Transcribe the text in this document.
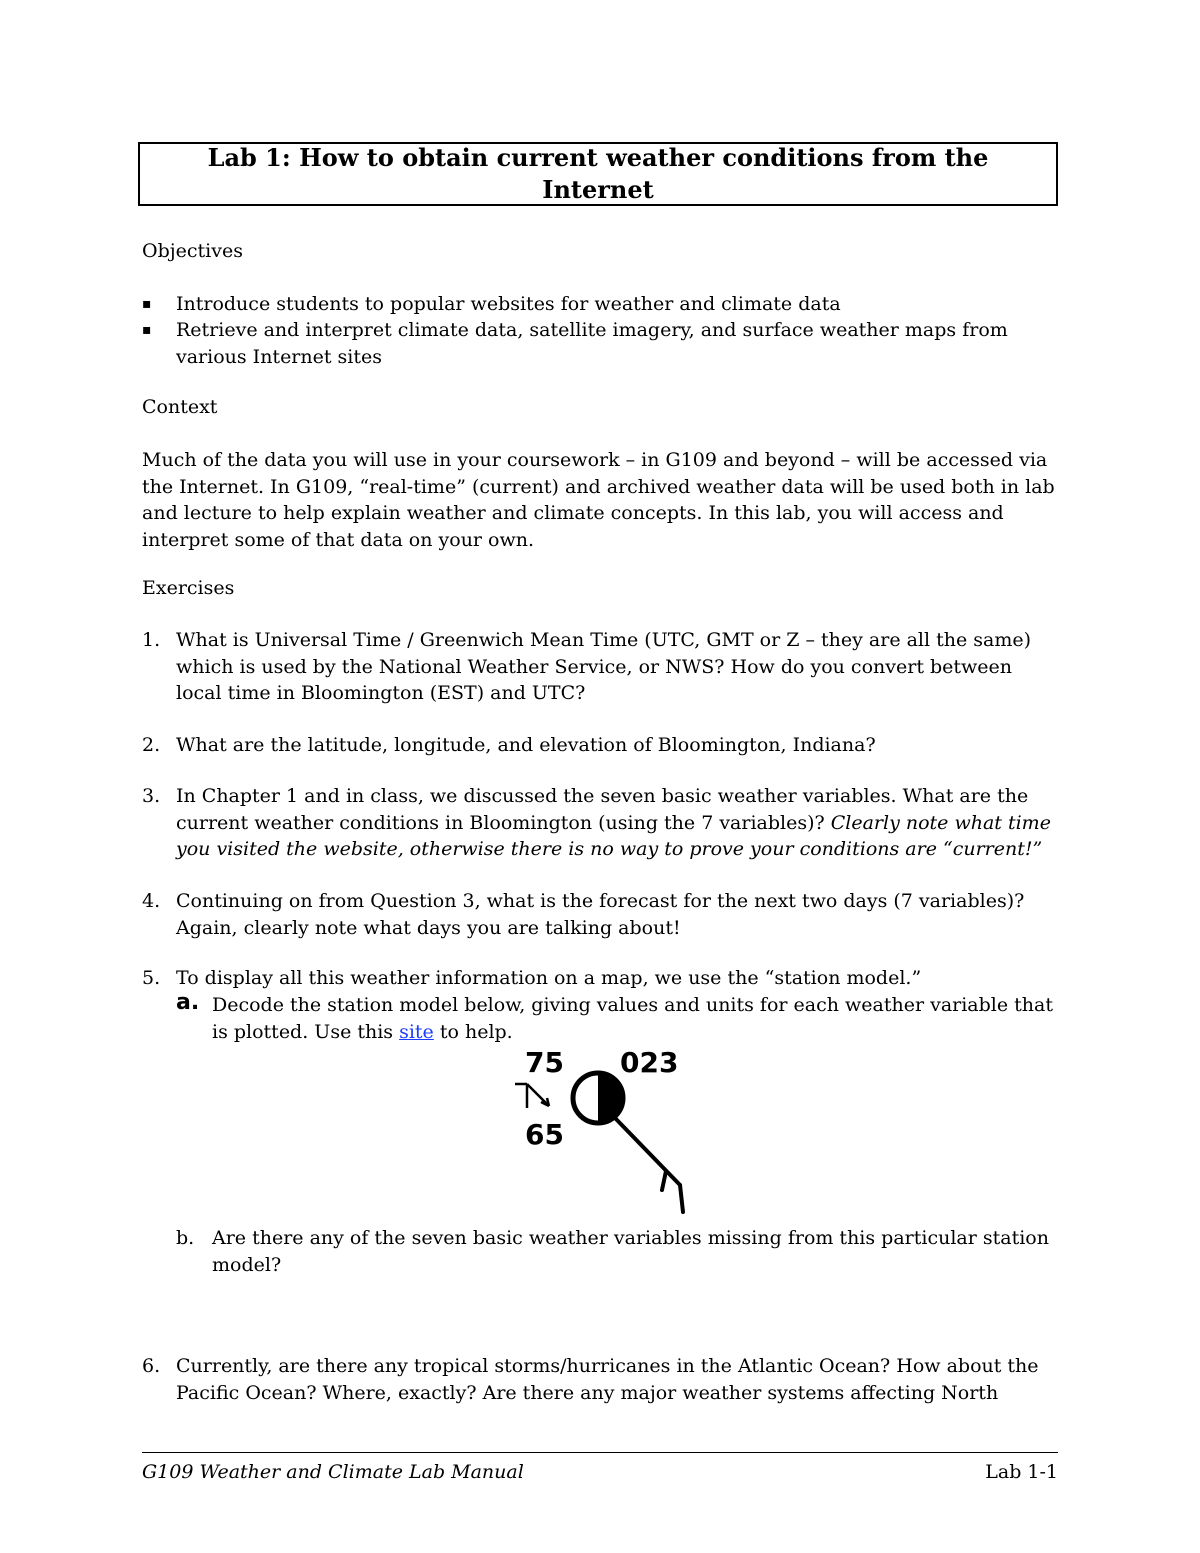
Lab 1: How to obtain current weather conditions from the Internet
Objectives
▪ Introduce students to popular websites for weather and climate data
▪ Retrieve and interpret climate data, satellite imagery, and surface weather maps from various Internet sites
Context
Much of the data you will use in your coursework – in G109 and beyond – will be accessed via the Internet. In G109, “real-time” (current) and archived weather data will be used both in lab and lecture to help explain weather and climate concepts. In this lab, you will access and interpret some of that data on your own.
Exercises
1. What is Universal Time / Greenwich Mean Time (UTC, GMT or Z – they are all the same) which is used by the National Weather Service, or NWS? How do you convert between local time in Bloomington (EST) and UTC?
2. What are the latitude, longitude, and elevation of Bloomington, Indiana?
3. In Chapter 1 and in class, we discussed the seven basic weather variables. What are the current weather conditions in Bloomington (using the 7 variables)? Clearly note what time you visited the website, otherwise there is no way to prove your conditions are “current!”
4. Continuing on from Question 3, what is the forecast for the next two days (7 variables)? Again, clearly note what days you are talking about!
5. To display all this weather information on a map, we use the “station model.”
a. Decode the station model below, giving values and units for each weather variable that is plotted. Use this site to help.
75 023
65
b. Are there any of the seven basic weather variables missing from this particular station model?
6. Currently, are there any tropical storms/hurricanes in the Atlantic Ocean? How about the Pacific Ocean? Where, exactly? Are there any major weather systems affecting North
G109 Weather and Climate Lab Manual	Lab 1-1
